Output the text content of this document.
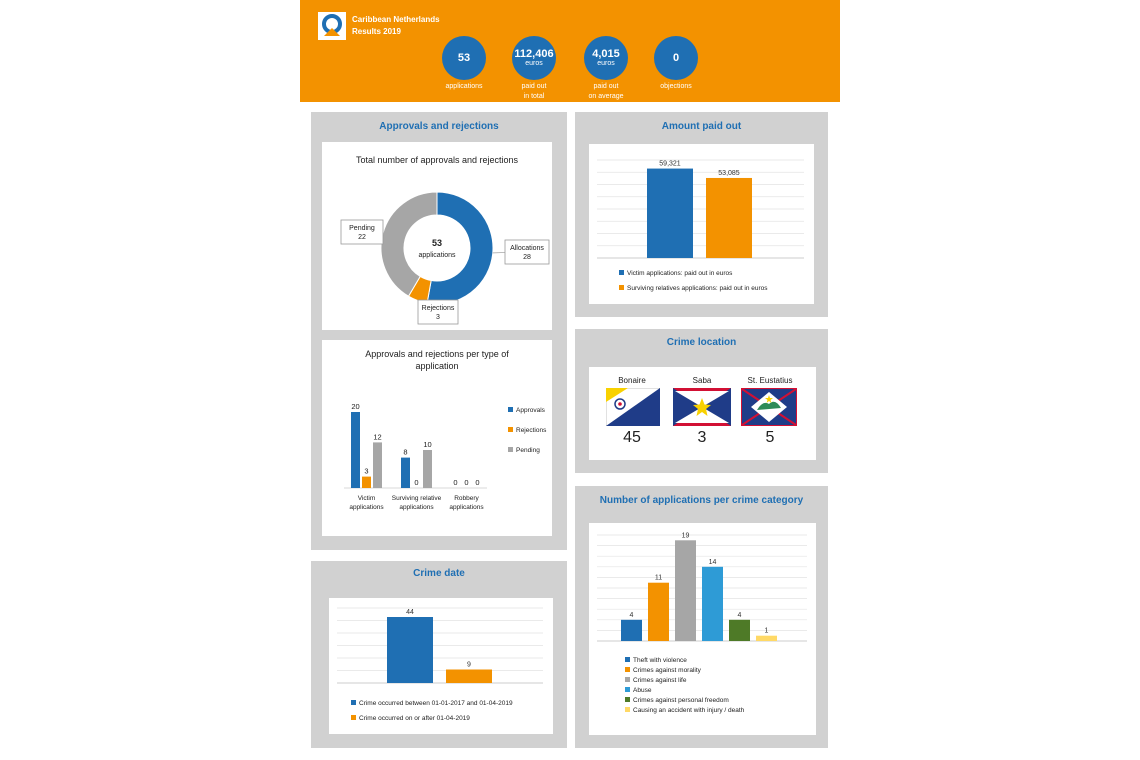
Caribbean Netherlands
Results 2019
53
applications
112,406
euros
paid out
in total
4,015
euros
paid out
on average
0
objections
Approvals and rejections
Total number of approvals and rejections
53
applications
Allocations
28
Rejections
3
Pending
22
Approvals and rejections per type of application
20
3
12
Victim
applications
8
0
10
Surviving relative
applications
0 0 0
Robbery
applications
Approvals
Rejections
Pending
Crime date
44
9
Crime occurred between 01-01-2017 and 01-04-2019
Crime occurred on or after 01-04-2019
Amount paid out
59,321
53,085
Victim applications: paid out in euros
Surviving relatives applications: paid out in euros
Crime location
Bonaire
45
Saba
3
St. Eustatius
5
Number of applications per crime category
4
11
19
14
4
1
Theft with violence
Crimes against morality
Crimes against life
Abuse
Crimes against personal freedom
Causing an accident with injury / death
